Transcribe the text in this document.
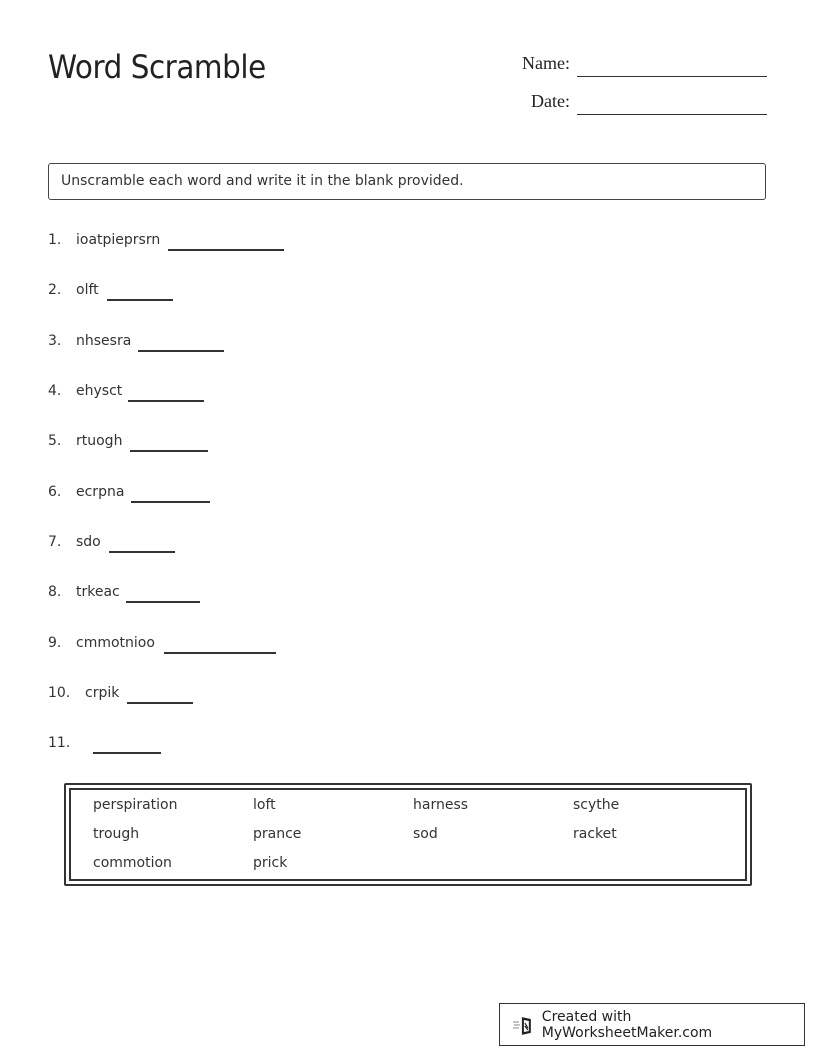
Word Scramble	Name:
Date:
Unscramble each word and write it in the blank provided.
1. ioatpieprsrn
2. olft
3. nhsesra
4. ehysct
5. rtuogh
6. ecrpna
7. sdo
8. trkeac
9. cmmotnioo
10. crpik
11.
perspiration	loft	harness	scythe
trough	prance	sod	racket
commotion	prick
Created with MyWorksheetMaker.com
